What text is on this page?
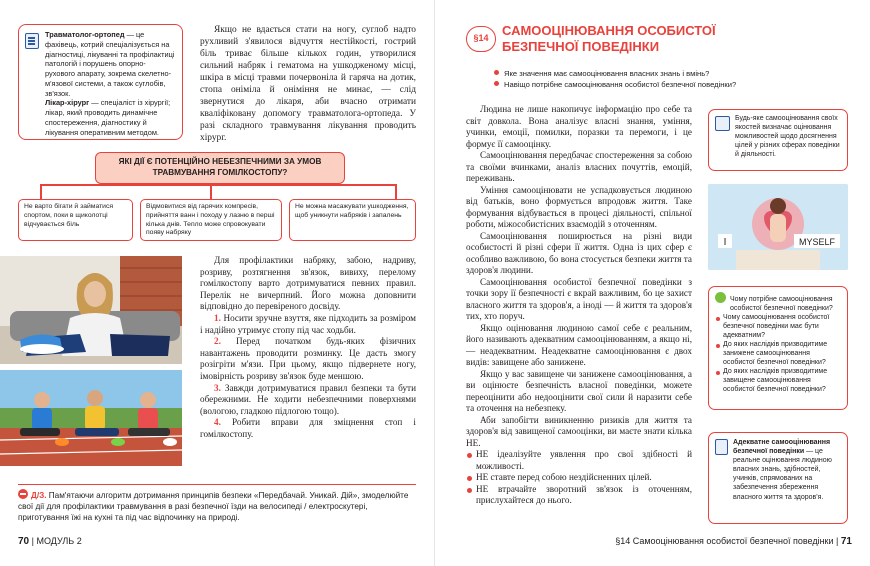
Травматолог-ортопед — це фахівець, котрий спеціалізується на діагностиці, лікуванні та профілактиці патологій і порушень опорно-рухового апарату, зокрема скелетно-м'язової системи, а також суглобів, зв'язок.
Лікар-хірург — спеціаліст із хірургії; лікар, який проводить динамічне спостереження, діагностику й лікування оперативним методом.

Якщо не вдається стати на ногу, суглоб надто рухливий з'явилося відчуття нестійкості, гострий біль триває більше кількох годин, утворилися сильний набряк і гематома на ушкодженому місці, шкіра в місці травми почервоніла й гаряча на дотик, стопа оніміла й оніміння не минає, — слід звернутися до лікаря, аби вчасно отримати кваліфіковану допомогу травматолога-ортопеда. У разі складного травмування лікування проводить хірург.

ЯКІ ДІЇ Є ПОТЕНЦІЙНО НЕБЕЗПЕЧНИМИ ЗА УМОВ ТРАВМУВАННЯ ГОМІЛКОСТОПУ?
Не варто бігати й займатися спортом, поки в щиколотці відчувається біль
Відмовитися від гарячих компресів, прийняття ванн і походу у лазню в перші кілька днів. Тепло може спровокувати появу набряку
Не можна масажувати ушкодження, щоб уникнути набряків і запалень

Для профілактики набряку, забою, надриву, розриву, розтягнення зв'язок, вивиху, перелому гомілкостопу варто дотримуватися певних правил. Перелік не вичерпний. Його можна доповнити відповідно до перевіреного досвіду.

1. Носити зручне взуття, яке підходить за розміром і надійно утримує стопу під час ходьби.

2. Перед початком будь-яких фізичних навантажень проводити розминку. Це дасть змогу розігріти м'язи. При цьому, якщо підвернете ногу, імовірність розриву зв'язок буде меншою.

3. Завжди дотримуватися правил безпеки та бути обережними. Не ходити небезпечними поверхнями (вологою, гладкою підлогою тощо).

4. Робити вправи для зміцнення стоп і гомілкостопу.

Д/З. Пам'ятаючи алгоритм дотримання принципів безпеки «Передбачай. Уникай. Дій», змоделюйте свої дії для профілактики травмування в разі безпечної їзди на велосипеді / електроскутері, приготування їжі на кухні та під час відпочинку на природі.
70 | МОДУЛЬ 2
§14	САМООЦІНЮВАННЯ ОСОБИСТОЇ БЕЗПЕЧНОЇ ПОВЕДІНКИ
Яке значення має самооцінювання власних знань і вмінь?
Навіщо потрібне самооцінювання особистої безпечної поведінки?

Людина не лише накопичує інформацію про себе та світ довкола. Вона аналізує власні знання, уміння, учинки, емоції, помилки, поразки та перемоги, і це формує її самооцінку.

Самооцінювання передбачає спостереження за собою та своїми вчинками, аналіз власних почуттів, емоцій, переживань.

Уміння самооцінювати не успадковується людиною від батьків, воно формується впродовж життя. Таке формування відбувається в процесі діяльності, спільної роботи, міжособистісних взаємодій з оточенням.

Самооцінювання поширюється на різні види особистості й різні сфери її життя. Одна із цих сфер є особливо важливою, бо вона стосується безпеки життя та здоров'я людини.

Самооцінювання особистої безпечної поведінки з точки зору її безпечності є вкрай важливим, бо це захист власного життя та здоров'я, а іноді — й життя та здоров'я тих, хто поруч.

Якщо оцінювання людиною самої себе є реальним, його називають адекватним самооцінюванням, а якщо ні, — неадекватним. Неадекватне самооцінювання є двох видів: завищене або занижене.

Якщо у вас завищене чи занижене самооцінювання, а ви оцінюєте безпечність власної поведінки, можете переоцінити або недооцінити свої сили й наразити себе та оточення на небезпеку.

Аби запобігти виникненню ризиків для життя та здоров'я від завищеної самооцінки, ви маєте знати кількa НЕ.

НЕ ідеалізуйте уявлення про свої здібності й можливості.

НЕ ставте перед собою нездійсненних цілей.

НЕ втрачайте зворотний зв'язок із оточенням, прислухайтеся до нього.

Будь-яке самооцінювання своїх якостей визначає оцінювання можливостей щодо досягнення цілей у різних сферах поведінки й діяльності.
I	MYSELF
Чому потрібне самооцінювання особистої безпечної поведінки?
Чому самооцінювання особистої безпечної поведінки має бути адекватним?
До яких наслідків призводитиме занижене самооцінювання особистої безпечної поведінки?
До яких наслідків призводитиме завищене самооцінювання особистої безпечної поведінки?
Адекватне самооцінювання безпечної поведінки — це реальне оцінювання людиною власних знань, здібностей, учинків, спрямованих на забезпечення збереження власного життя та здоров'я.
§14 Самооцінювання особистої безпечної поведінки | 71
